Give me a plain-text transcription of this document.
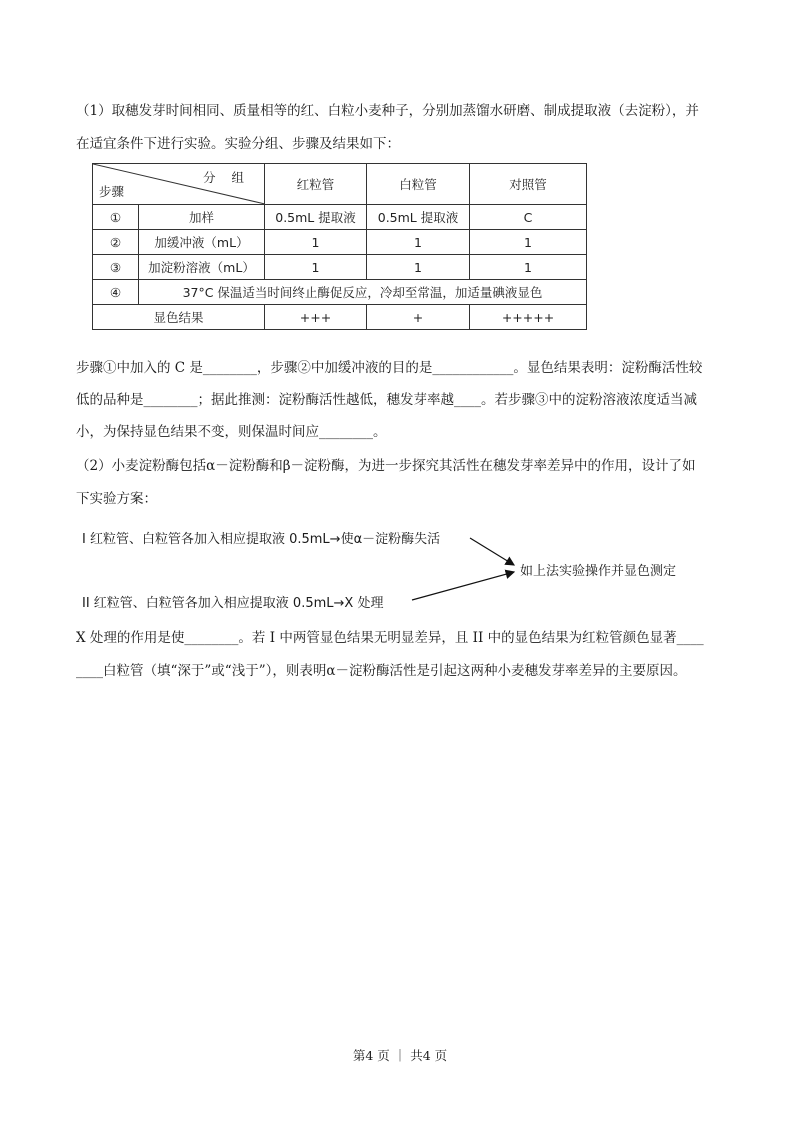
（1）取穗发芽时间相同、质量相等的红、白粒小麦种子，分别加蒸馏水研磨、制成提取液（去淀粉），并
在适宜条件下进行实验。实验分组、步骤及结果如下：
分 组
步骤		红粒管	白粒管	对照管
①	加样	0.5mL 提取液	0.5mL 提取液	C
②	加缓冲液（mL）	1	1	1
③	加淀粉溶液（mL）	1	1	1
④	37°C 保温适当时间终止酶促反应，冷却至常温，加适量碘液显色			
显色结果		+++	+	+++++
步骤①中加入的 C 是________，步骤②中加缓冲液的目的是____________。显色结果表明：淀粉酶活性较
低的品种是________；据此推测：淀粉酶活性越低，穗发芽率越____。若步骤③中的淀粉溶液浓度适当减
小，为保持显色结果不变，则保温时间应________。
（2）小麦淀粉酶包括α－淀粉酶和β－淀粉酶，为进一步探究其活性在穗发芽率差异中的作用，设计了如
下实验方案：
I 红粒管、白粒管各加入相应提取液 0.5mL→使α－淀粉酶失活
II 红粒管、白粒管各加入相应提取液 0.5mL→X 处理
如上法实验操作并显色测定
X 处理的作用是使________。若 I 中两管显色结果无明显差异，且 II 中的显色结果为红粒管颜色显著____
____白粒管（填“深于”或“浅于”），则表明α－淀粉酶活性是引起这两种小麦穗发芽率差异的主要原因。
第4 页 ｜ 共4 页
